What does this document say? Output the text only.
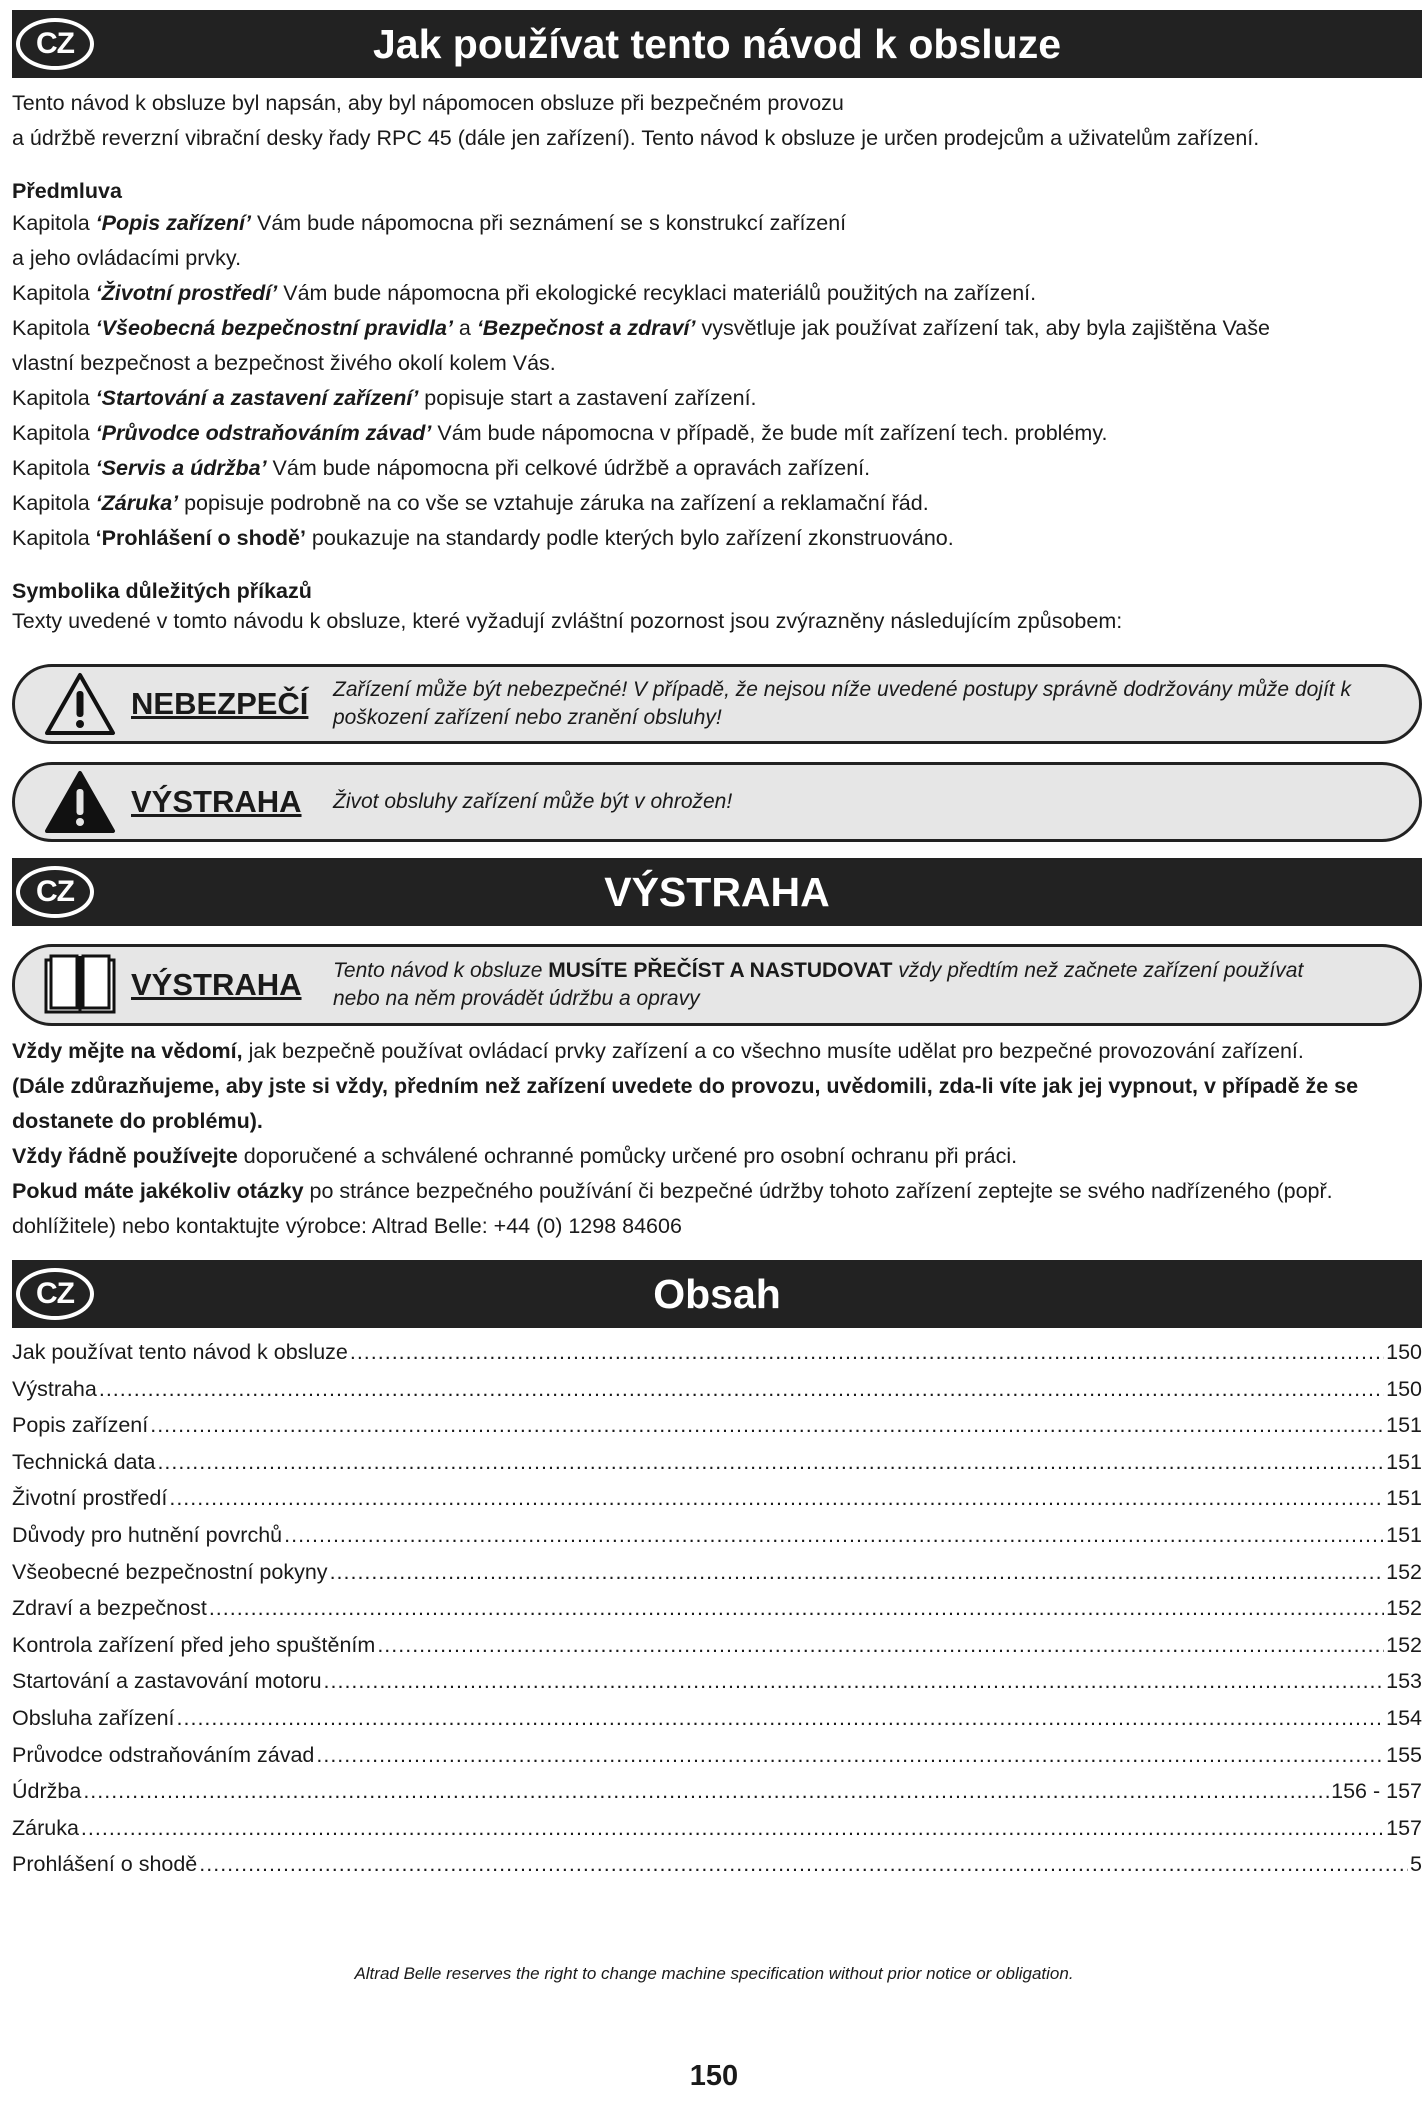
CZ	Jak používat tento návod k obsluze

Tento návod k obsluze byl napsán, aby byl nápomocen obsluze při bezpečném provozu

a údržbě reverzní vibrační desky řady RPC 45 (dále jen zařízení). Tento návod k obsluze je určen prodejcům a uživatelům zařízení.

Předmluva

Kapitola ‘Popis zařízení’ Vám bude nápomocna při seznámení se s konstrukcí zařízení

a jeho ovládacími prvky.

Kapitola ‘Životní prostředí’ Vám bude nápomocna při ekologické recyklaci materiálů použitých na zařízení.

Kapitola ‘Všeobecná bezpečnostní pravidla’ a ‘Bezpečnost a zdraví’ vysvětluje jak používat zařízení tak, aby byla zajištěna Vaše

vlastní bezpečnost a bezpečnost živého okolí kolem Vás.

Kapitola ‘Startování a zastavení zařízení’ popisuje start a zastavení zařízení.

Kapitola ‘Průvodce odstraňováním závad’ Vám bude nápomocna v případě, že bude mít zařízení tech. problémy.

Kapitola ‘Servis a údržba’ Vám bude nápomocna při celkové údržbě a opravách zařízení.

Kapitola ‘Záruka’ popisuje podrobně na co vše se vztahuje záruka na zařízení a reklamační řád.

Kapitola ‘Prohlášení o shodě’ poukazuje na standardy podle kterých bylo zařízení zkonstruováno.

Symbolika důležitých příkazů

Texty uvedené v tomto návodu k obsluze, které vyžadují zvláštní pozornost jsou zvýrazněny následujícím způsobem:

NEBEZPEČÍ	Zařízení může být nebezpečné! V případě, že nejsou níže uvedené postupy správně dodržovány může dojít k poškození zařízení nebo zranění obsluhy!
VÝSTRAHA	Život obsluhy zařízení může být v ohrožen!
CZ	VÝSTRAHA
VÝSTRAHA	Tento návod k obsluze MUSÍTE PŘEČÍST A NASTUDOVAT vždy předtím než začnete zařízení používat nebo na něm provádět údržbu a opravy

Vždy mějte na vědomí, jak bezpečně používat ovládací prvky zařízení a co všechno musíte udělat pro bezpečné provozování zařízení.

(Dále zdůrazňujeme, aby jste si vždy, předním než zařízení uvedete do provozu, uvědomili, zda-li víte jak jej vypnout, v případě že se dostanete do problému).

Vždy řádně používejte doporučené a schválené ochranné pomůcky určené pro osobní ochranu při práci.

Pokud máte jakékoliv otázky po stránce bezpečného používání či bezpečné údržby tohoto zařízení zeptejte se svého nadřízeného (popř. dohlížitele) nebo kontaktujte výrobce: Altrad Belle: +44 (0) 1298 84606

CZ	Obsah
Jak používat tento návod k obsluze .....	150
Výstraha .....	150
Popis zařízení .....	151
Technická data .....	151
Životní prostředí .....	151
Důvody pro hutnění povrchů .....	151
Všeobecné bezpečnostní pokyny .....	152
Zdraví a bezpečnost .....	152
Kontrola zařízení před jeho spuštěním .....	152
Startování a zastavování motoru .....	153
Obsluha zařízení .....	154
Průvodce odstraňováním závad .....	155
Údržba .....	156 - 157
Záruka .....	157
Prohlášení o shodě .....	5
Altrad Belle reserves the right to change machine specification without prior notice or obligation.
150
